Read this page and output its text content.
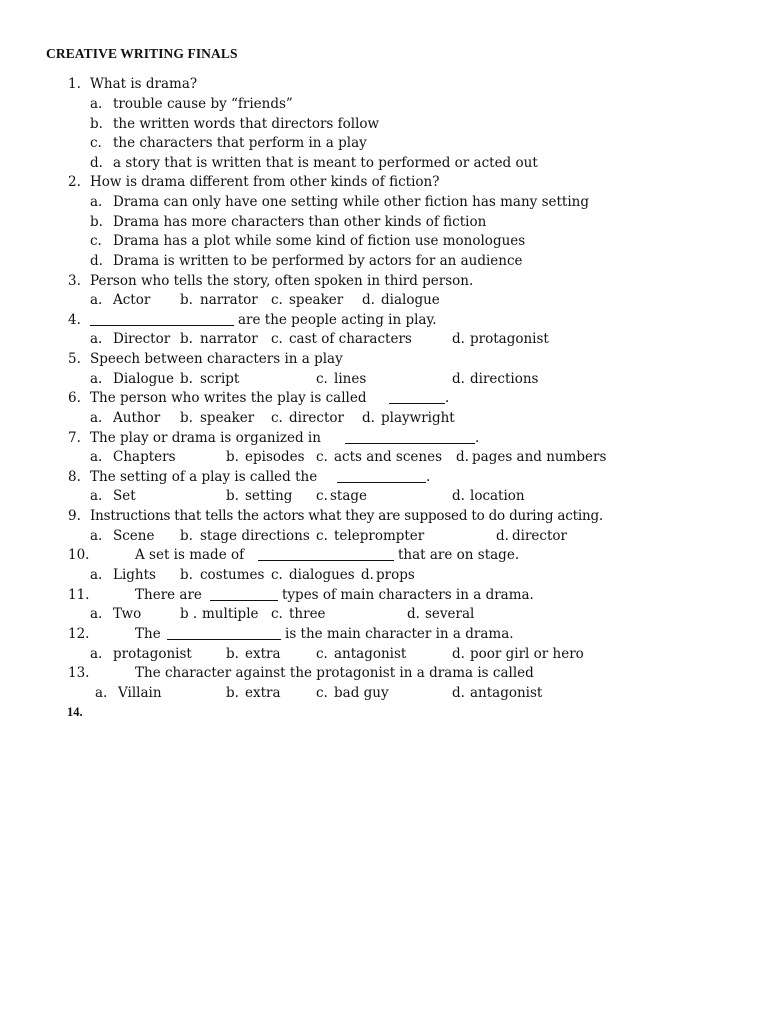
CREATIVE WRITING FINALS
1. What is drama?
a. trouble cause by “friends”
b. the written words that directors follow
c. the characters that perform in a play
d. a story that is written that is meant to performed or acted out
2. How is drama different from other kinds of fiction?
a. Drama can only have one setting while other fiction has many setting
b. Drama has more characters than other kinds of fiction
c. Drama has a plot while some kind of fiction use monologues
d. Drama is written to be performed by actors for an audience
3. Person who tells the story, often spoken in third person.
a. Actor b. narrator c. speaker d. dialogue
4.	are the people acting in play.
a. Director b. narrator c. cast of characters	d. protagonist
5. Speech between characters in a play
a. Dialogue b. script	c. lines	d. directions
6. The person who writes the play is called	.
a. Author b. speaker c. director d. playwright
7. The play or drama is organized in	.
a. Chapters	b. episodes c. acts and scenes d. pages and numbers
8. The setting of a play is called the	.
a. Set	b. setting c. stage	d. location
9. Instructions that tells the actors what they are supposed to do during acting.
a. Scene b. stage directions c. teleprompter	d. director
10.	A set is made of	that are on stage.
a. Lights b. costumes c. dialogues d. props
11.	There are	types of main characters in a drama.
a. Two	b . multiple c. three	d. several
12.	The	is the main character in a drama.
a. protagonist	b. extra	c. antagonist	d. poor girl or hero
13.	The character against the protagonist in a drama is called
a. Villain	b. extra	c. bad guy	d. antagonist
14.
